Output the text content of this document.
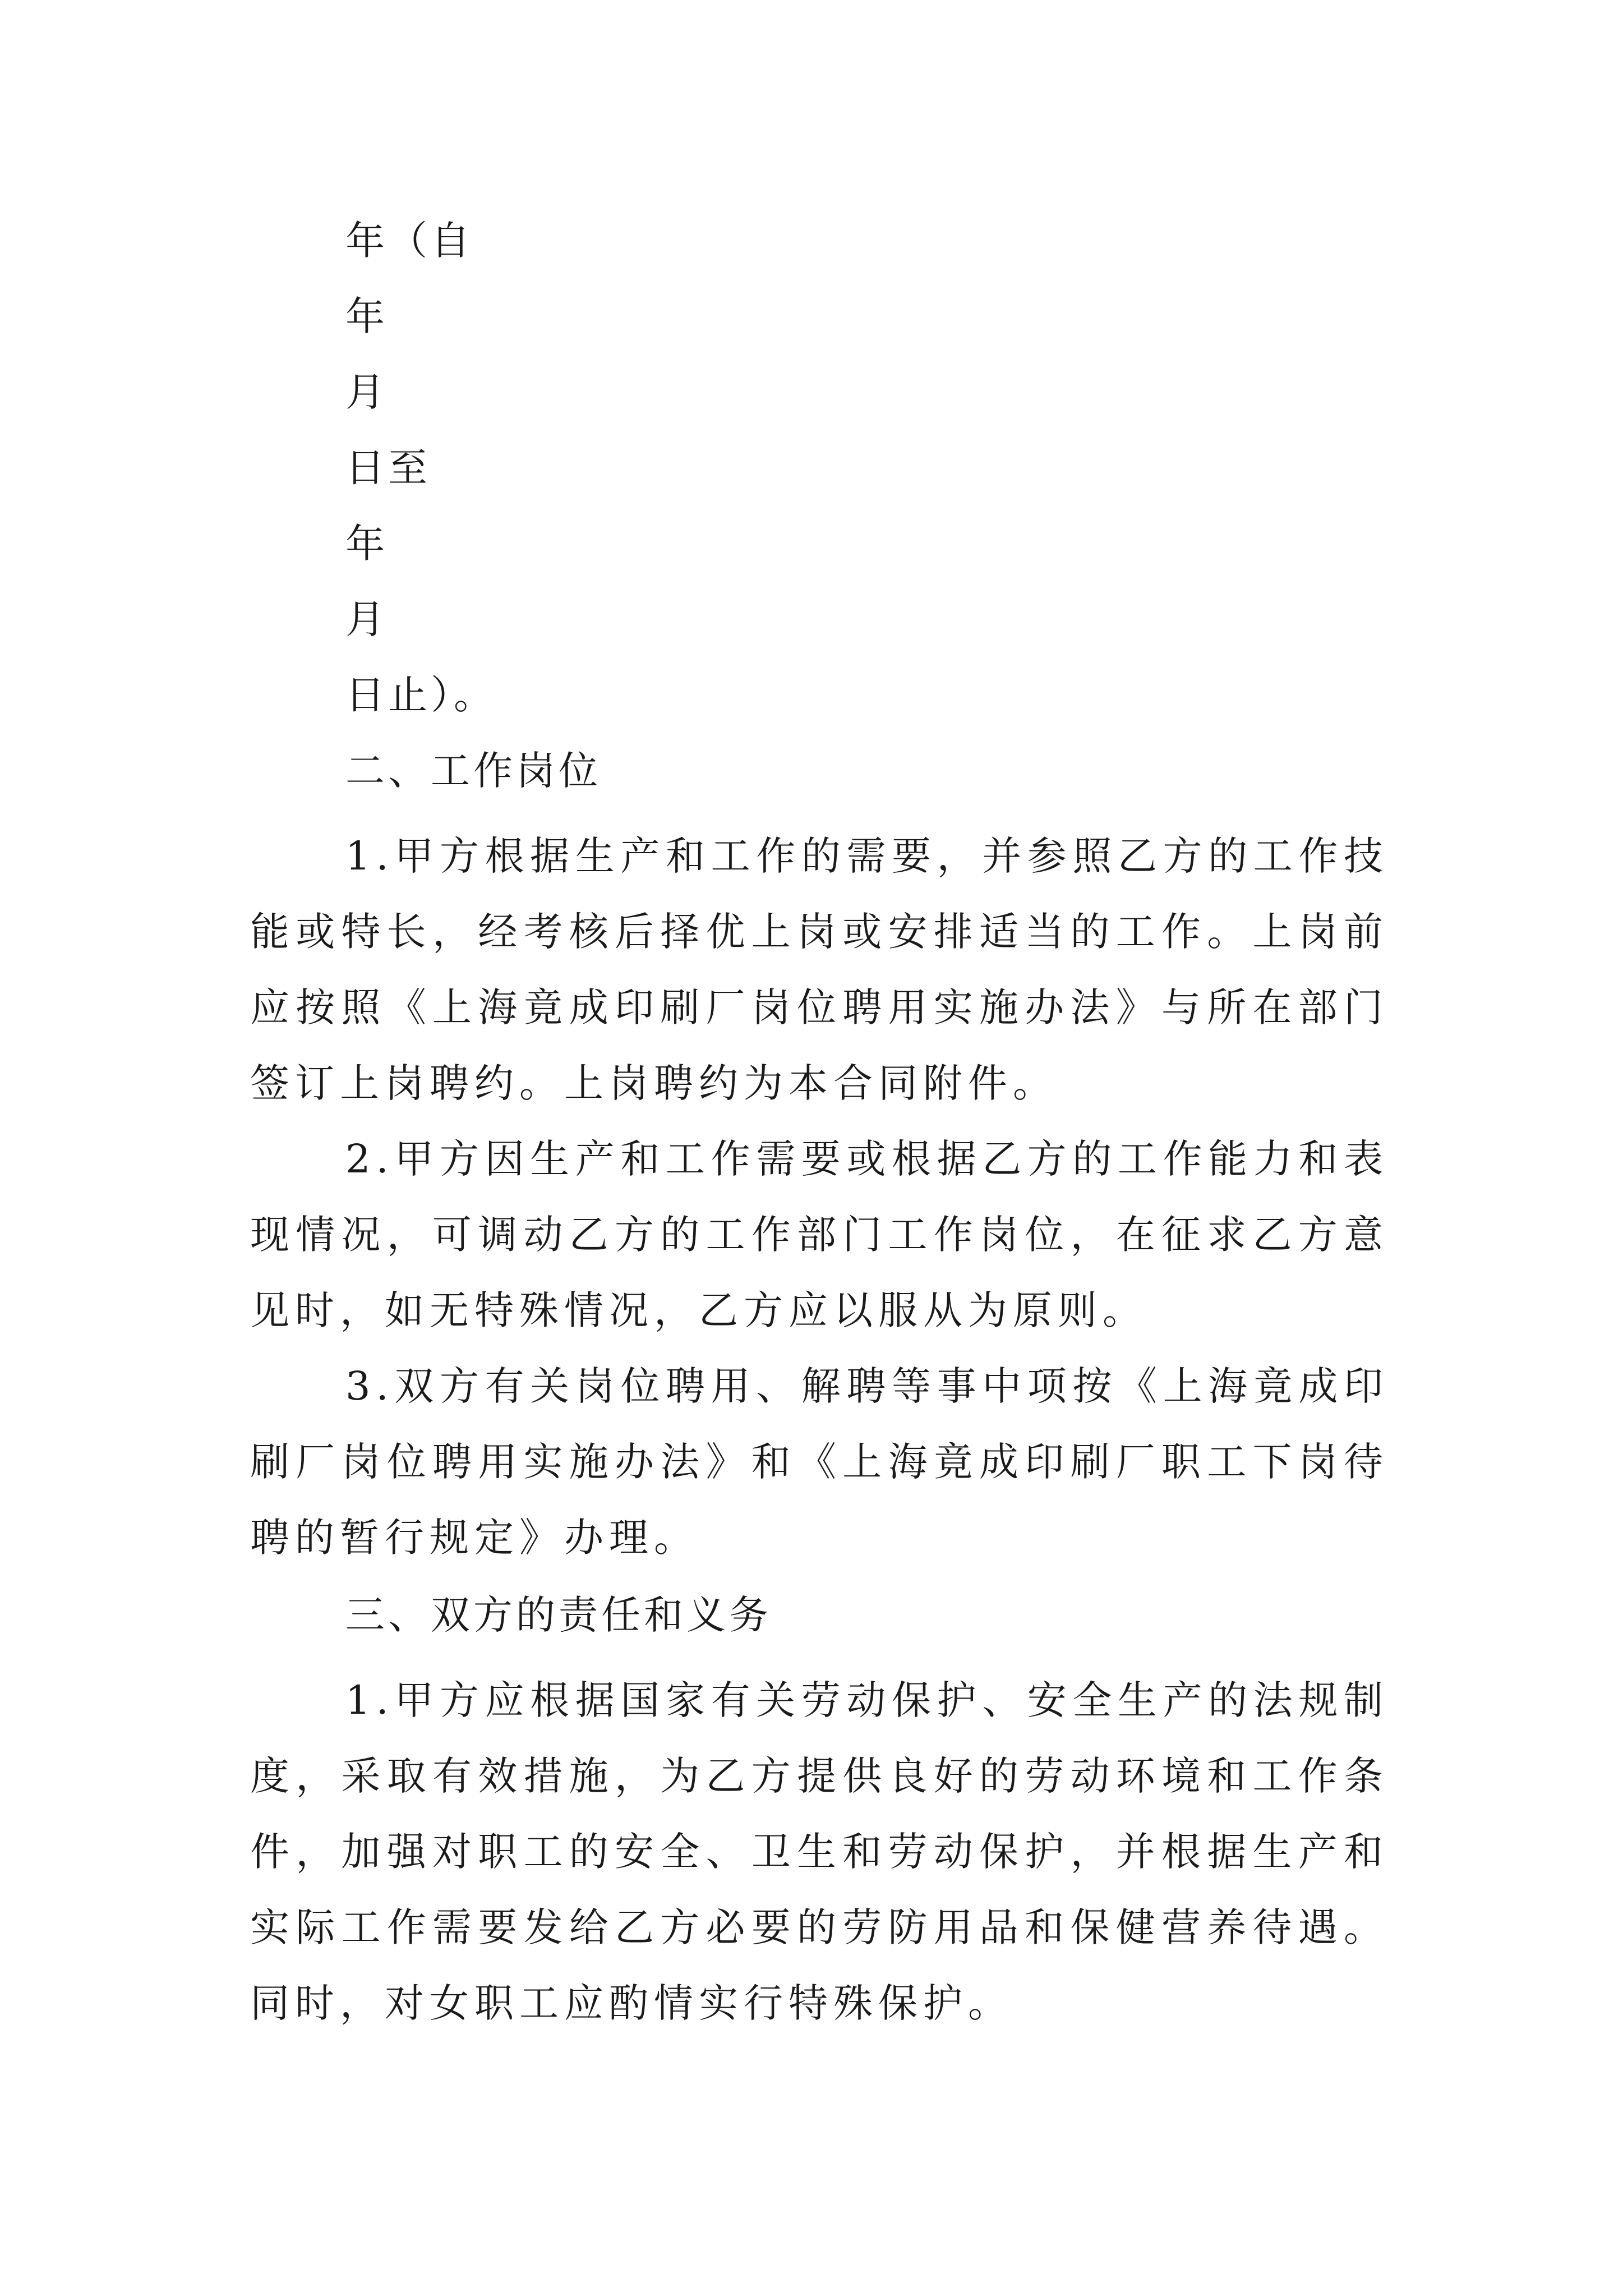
年（自
年
月
日至
年
月
日止）。
二、工作岗位
1.甲方根据生产和工作的需要，并参照乙方的工作技能或特长，经考核后择优上岗或安排适当的工作。上岗前应按照《上海竟成印刷厂岗位聘用实施办法》与所在部门签订上岗聘约。上岗聘约为本合同附件。
2.甲方因生产和工作需要或根据乙方的工作能力和表现情况，可调动乙方的工作部门工作岗位，在征求乙方意见时，如无特殊情况，乙方应以服从为原则。
3.双方有关岗位聘用、解聘等事中项按《上海竟成印刷厂岗位聘用实施办法》和《上海竟成印刷厂职工下岗待聘的暂行规定》办理。
三、双方的责任和义务
1.甲方应根据国家有关劳动保护、安全生产的法规制度，采取有效措施，为乙方提供良好的劳动环境和工作条件，加强对职工的安全、卫生和劳动保护，并根据生产和实际工作需要发给乙方必要的劳防用品和保健营养待遇。同时，对女职工应酌情实行特殊保护。
